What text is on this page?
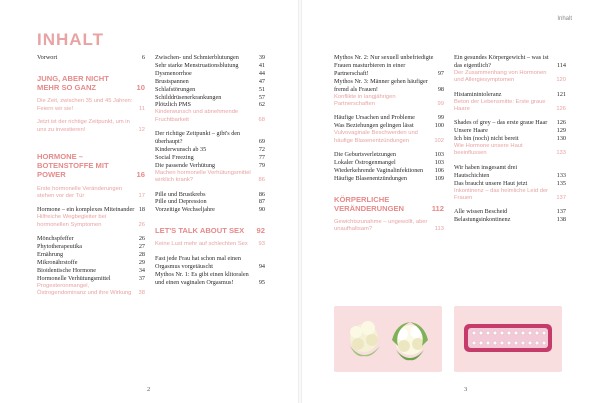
INHALT
Vorwort	6
JUNG, ABER NICHT MEHR SO GANZ	10
Die Zeit, zwischen 35 und 45 Jahren: Feiern wir sie!	11
Jetzt ist der richtige Zeitpunkt, um in uns zu investieren!	12
HORMONE – BOTENSTOFFE MIT POWER	16
Erste hormonelle Veränderungen stehen vor der Tür	17
Hormone – ein komplexes Miteinander 18
Hilfreiche Wegbegleiter bei hormonellen Symptomen	26
Mönchspfeffer	26
Phytotherapeutika	27
Ernährung	28
Mikronährstoffe	29
Bioidentische Hormone	34
Hormonelle Verhütungsmittel	37
Progesteronmangel, Östrogendominanz und ihre Wirkung	38
Zwischen- und Schmierblutungen	39
Sehr starke Menstruationsblutung	41
Dysmenorrhoe	44
Brustspannen	47
Schlafstörungen	51
Schilddrüsenerkrankungen	57
Plötzlich PMS	62
Kinderwunsch und abnehmende Fruchtbarkeit	68
Der richtige Zeitpunkt – gibt's den überhaupt?	69
Kinderwunsch ab 35	72
Social Freezing	77
Die passende Verhütung	79
Machen hormonelle Verhütungsmittel wirklich krank?	86
Pille und Brustkrebs	86
Pille und Depression	87
Vorzeitige Wechseljahre	90
LET'S TALK ABOUT SEX	92
Keine Lust mehr auf schlechten Sex	93
Fast jede Frau hat schon mal einen Orgasmus vorgetäuscht	94
Mythos Nr. 1: Es gibt einen klitoralen und einen vaginalen Orgasmus!	95
2
Inhalt
Mythos Nr. 2: Nur sexuell unbefriedigte Frauen masturbieren in einer Partnerschaft!	97
Mythos Nr. 3: Männer gehen häufiger fremd als Frauen!	98
Konflikte in langjährigen Partnerschaften	99
Häufige Ursachen und Probleme	99
Was Beziehungen gelingen lässt	100
Vulvovaginale Beschwerden und häufige Blasenentzündungen	102
Die Geburtsverletzungen	103
Lokaler Östrogenmangel	103
Wiederkehrende Vaginalinfektionen	106
Häufige Blasenentzündungen	109
KÖRPERLICHE VERÄNDERUNGEN	112
Gewichtszunahme – ungewollt, aber unaufhaltsam?	113
Ein gesundes Körpergewicht – was ist das eigentlich?	114
Der Zusammenhang von Hormonen und Allergiesymptomen	120
Histaminintoleranz	121
Beton der Lebensmitte: Erste graue Haare	126
Shades of grey – das erste graue Haar	126
Unsere Haare	129
Ich bin (noch) nicht bereit	130
Wie Hormone unsere Haut beeinflussen	133
Wir haben insgesamt drei Hautschichten	133
Das braucht unsere Haut jetzt	135
Inkontinenz – das heimliche Leid der Frauen	137
Alle wissen Bescheid	137
Belastungsinkontinenz	138
3
